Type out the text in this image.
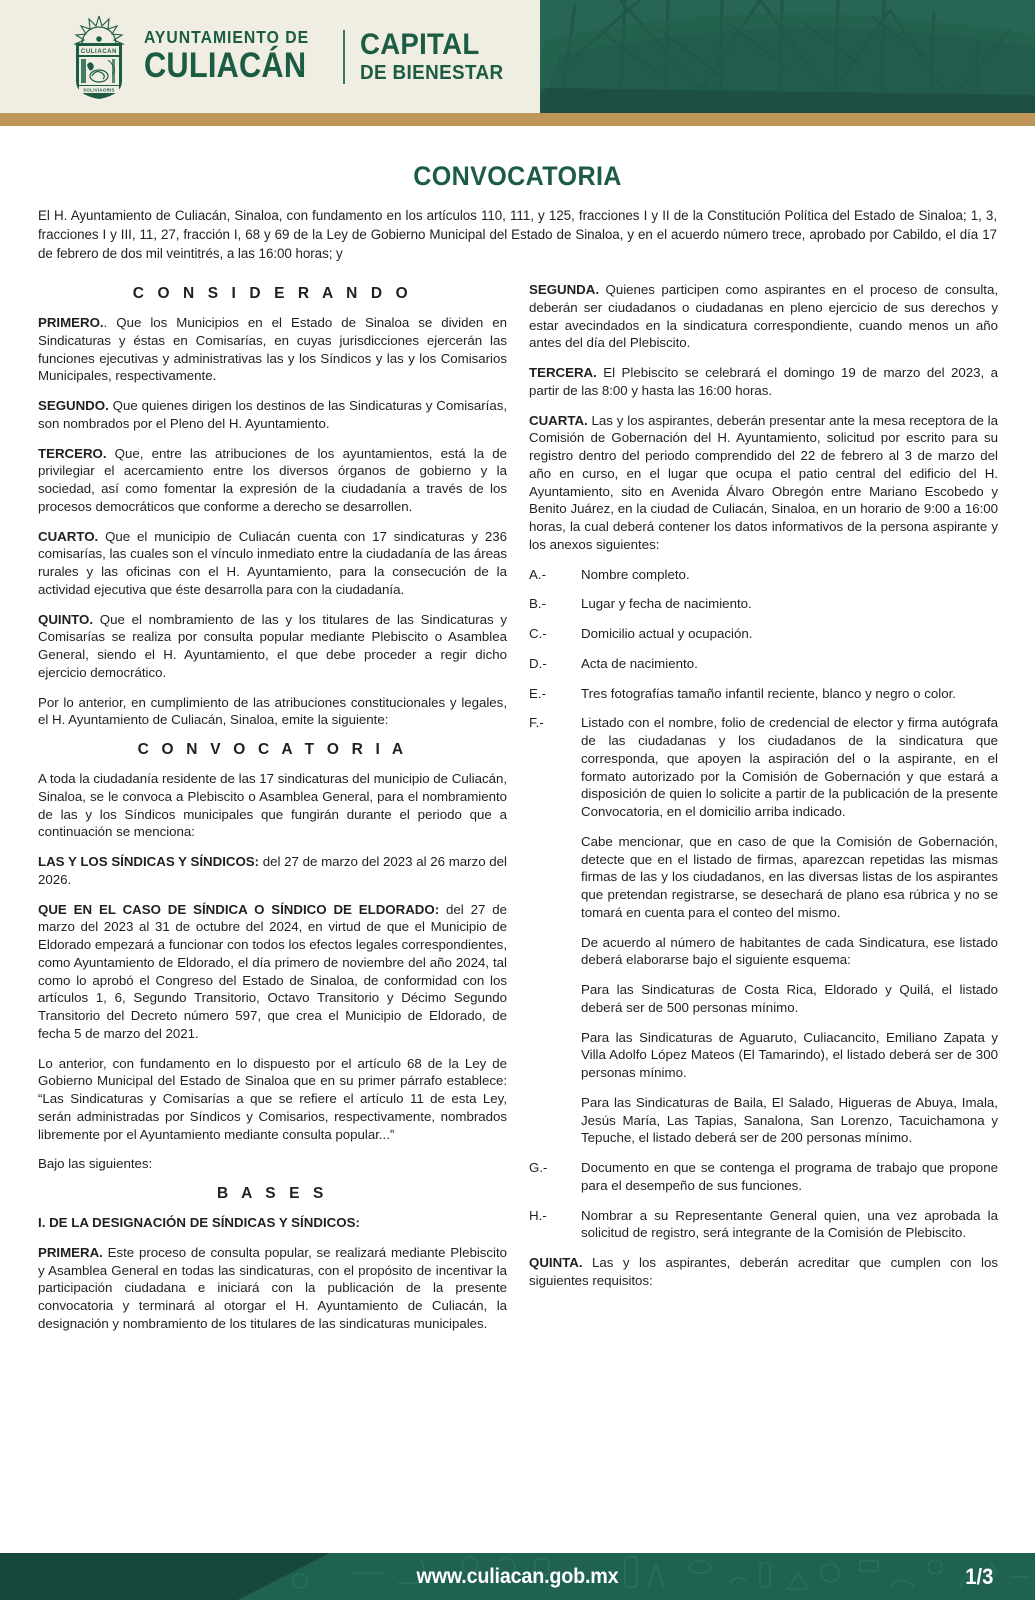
CULIACAN
SOLIVIAORIS
AYUNTAMIENTO DE
CULIACÁN
CAPITAL
DE BIENESTAR
CONVOCATORIA

El H. Ayuntamiento de Culiacán, Sinaloa, con fundamento en los artículos 110, 111, y 125, fracciones I y II de la Constitución Política del Estado de Sinaloa; 1, 3, fracciones I y III, 11, 27, fracción I, 68 y 69 de la Ley de Gobierno Municipal del Estado de Sinaloa, y en el acuerdo número trece, aprobado por Cabildo, el día 17 de febrero de dos mil veintitrés, a las 16:00 horas; y

C O N S I D E R A N D O

PRIMERO.. Que los Municipios en el Estado de Sinaloa se dividen en Sindicaturas y éstas en Comisarías, en cuyas jurisdicciones ejercerán las funciones ejecutivas y administrativas las y los Síndicos y las y los Comisarios Municipales, respectivamente.

SEGUNDO. Que quienes dirigen los destinos de las Sindicaturas y Comisarías, son nombrados por el Pleno del H. Ayuntamiento.

TERCERO. Que, entre las atribuciones de los ayuntamientos, está la de privilegiar el acercamiento entre los diversos órganos de gobierno y la sociedad, así como fomentar la expresión de la ciudadanía a través de los procesos democráticos que conforme a derecho se desarrollen.

CUARTO. Que el municipio de Culiacán cuenta con 17 sindicaturas y 236 comisarías, las cuales son el vínculo inmediato entre la ciudadanía de las áreas rurales y las oficinas con el H. Ayuntamiento, para la consecución de la actividad ejecutiva que éste desarrolla para con la ciudadanía.

QUINTO. Que el nombramiento de las y los titulares de las Sindicaturas y Comisarías se realiza por consulta popular mediante Plebiscito o Asamblea General, siendo el H. Ayuntamiento, el que debe proceder a regir dicho ejercicio democrático.

Por lo anterior, en cumplimiento de las atribuciones constitucionales y legales, el H. Ayuntamiento de Culiacán, Sinaloa, emite la siguiente:

C O N V O C A T O R I A

A toda la ciudadanía residente de las 17 sindicaturas del municipio de Culiacán, Sinaloa, se le convoca a Plebiscito o Asamblea General, para el nombramiento de las y los Síndicos municipales que fungirán durante el periodo que a continuación se menciona:

LAS Y LOS SÍNDICAS Y SÍNDICOS: del 27 de marzo del 2023 al 26 marzo del 2026.

QUE EN EL CASO DE SÍNDICA O SÍNDICO DE ELDORADO: del 27 de marzo del 2023 al 31 de octubre del 2024, en virtud de que el Municipio de Eldorado empezará a funcionar con todos los efectos legales correspondientes, como Ayuntamiento de Eldorado, el día primero de noviembre del año 2024, tal como lo aprobó el Congreso del Estado de Sinaloa, de conformidad con los artículos 1, 6, Segundo Transitorio, Octavo Transitorio y Décimo Segundo Transitorio del Decreto número 597, que crea el Municipio de Eldorado, de fecha 5 de marzo del 2021.

Lo anterior, con fundamento en lo dispuesto por el artículo 68 de la Ley de Gobierno Municipal del Estado de Sinaloa que en su primer párrafo establece: “Las Sindicaturas y Comisarías a que se refiere el artículo 11 de esta Ley, serán administradas por Síndicos y Comisarios, respectivamente, nombrados libremente por el Ayuntamiento mediante consulta popular...”

Bajo las siguientes:

B A S E S
I. DE LA DESIGNACIÓN DE SÍNDICAS Y SÍNDICOS:

PRIMERA. Este proceso de consulta popular, se realizará mediante Plebiscito y Asamblea General en todas las sindicaturas, con el propósito de incentivar la participación ciudadana e iniciará con la publicación de la presente convocatoria y terminará al otorgar el H. Ayuntamiento de Culiacán, la designación y nombramiento de los titulares de las sindicaturas municipales.

SEGUNDA. Quienes participen como aspirantes en el proceso de consulta, deberán ser ciudadanos o ciudadanas en pleno ejercicio de sus derechos y estar avecindados en la sindicatura correspondiente, cuando menos un año antes del día del Plebiscito.

TERCERA. El Plebiscito se celebrará el domingo 19 de marzo del 2023, a partir de las 8:00 y hasta las 16:00 horas.

CUARTA. Las y los aspirantes, deberán presentar ante la mesa receptora de la Comisión de Gobernación del H. Ayuntamiento, solicitud por escrito para su registro dentro del periodo comprendido del 22 de febrero al 3 de marzo del año en curso, en el lugar que ocupa el patio central del edificio del H. Ayuntamiento, sito en Avenida Álvaro Obregón entre Mariano Escobedo y Benito Juárez, en la ciudad de Culiacán, Sinaloa, en un horario de 9:00 a 16:00 horas, la cual deberá contener los datos informativos de la persona aspirante y los anexos siguientes:

A.-	Nombre completo.
B.-	Lugar y fecha de nacimiento.
C.-	Domicilio actual y ocupación.
D.-	Acta de nacimiento.
E.-	Tres fotografías tamaño infantil reciente, blanco y negro o color.
F.-	Listado con el nombre, folio de credencial de elector y firma autógrafa de las ciudadanas y los ciudadanos de la sindicatura que corresponda, que apoyen la aspiración del o la aspirante, en el formato autorizado por la Comisión de Gobernación y que estará a disposición de quien lo solicite a partir de la publicación de la presente Convocatoria, en el domicilio arriba indicado.

Cabe mencionar, que en caso de que la Comisión de Gobernación, detecte que en el listado de firmas, aparezcan repetidas las mismas firmas de las y los ciudadanos, en las diversas listas de los aspirantes que pretendan registrarse, se desechará de plano esa rúbrica y no se tomará en cuenta para el conteo del mismo.

De acuerdo al número de habitantes de cada Sindicatura, ese listado deberá elaborarse bajo el siguiente esquema:

Para las Sindicaturas de Costa Rica, Eldorado y Quilá, el listado deberá ser de 500 personas mínimo.

Para las Sindicaturas de Aguaruto, Culiacancito, Emiliano Zapata y Villa Adolfo López Mateos (El Tamarindo), el listado deberá ser de 300 personas mínimo.

Para las Sindicaturas de Baila, El Salado, Higueras de Abuya, Imala, Jesús María, Las Tapias, Sanalona, San Lorenzo, Tacuichamona y Tepuche, el listado deberá ser de 200 personas mínimo.

G.-	Documento en que se contenga el programa de trabajo que propone para el desempeño de sus funciones.
H.-	Nombrar a su Representante General quien, una vez aprobada la solicitud de registro, será integrante de la Comisión de Plebiscito.

QUINTA. Las y los aspirantes, deberán acreditar que cumplen con los siguientes requisitos:

www.culiacan.gob.mx	1/3
